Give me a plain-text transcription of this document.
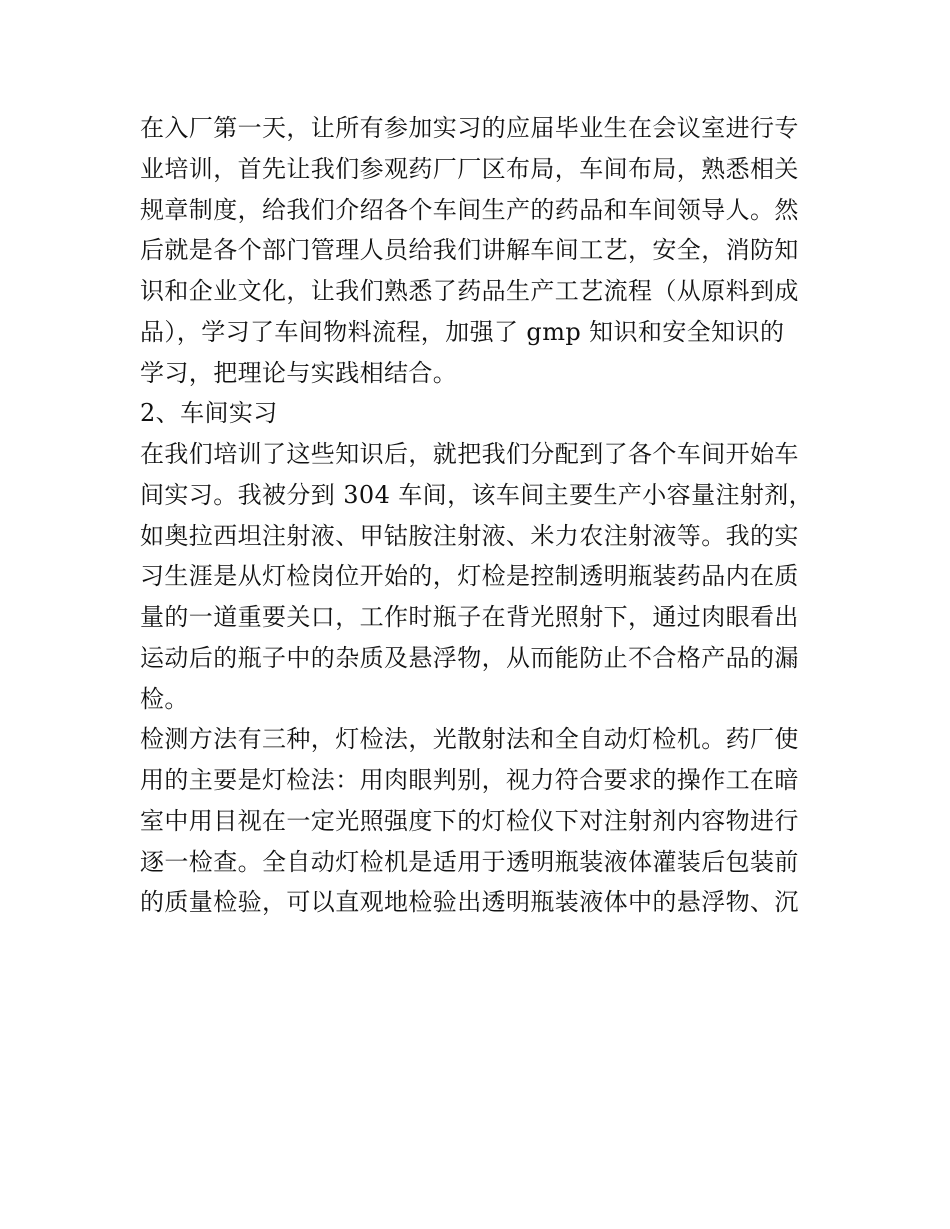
在入厂第一天，让所有参加实习的应届毕业生在会议室进行专
业培训，首先让我们参观药厂厂区布局，车间布局，熟悉相关
规章制度，给我们介绍各个车间生产的药品和车间领导人。然
后就是各个部门管理人员给我们讲解车间工艺，安全，消防知
识和企业文化，让我们熟悉了药品生产工艺流程（从原料到成
品），学习了车间物料流程，加强了 gmp 知识和安全知识的
学习，把理论与实践相结合。
2、车间实习
在我们培训了这些知识后，就把我们分配到了各个车间开始车
间实习。我被分到 304 车间，该车间主要生产小容量注射剂，
如奥拉西坦注射液、甲钴胺注射液、米力农注射液等。我的实
习生涯是从灯检岗位开始的，灯检是控制透明瓶装药品内在质
量的一道重要关口，工作时瓶子在背光照射下，通过肉眼看出
运动后的瓶子中的杂质及悬浮物，从而能防止不合格产品的漏
检。
检测方法有三种，灯检法，光散射法和全自动灯检机。药厂使
用的主要是灯检法：用肉眼判别，视力符合要求的操作工在暗
室中用目视在一定光照强度下的灯检仪下对注射剂内容物进行
逐一检查。全自动灯检机是适用于透明瓶装液体灌装后包装前
的质量检验，可以直观地检验出透明瓶装液体中的悬浮物、沉
